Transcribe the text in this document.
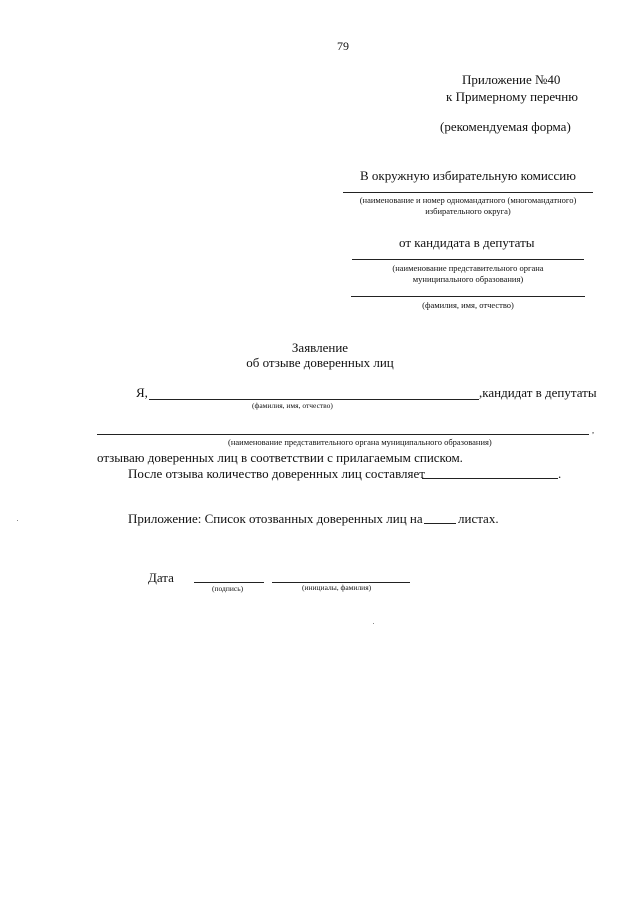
79
Приложение №40
к Примерному перечню
(рекомендуемая форма)
В окружную избирательную комиссию
(наименование и номер одномандатного (многомандатного)
избирательного округа)
от кандидата в депутаты
(наименование представительного органа
муниципального образования)
(фамилия, имя, отчество)
Заявление
об отзыве доверенных лиц
Я,	,кандидат в депутаты
(фамилия, имя, отчество)
,
(наименование представительного органа муниципального образования)
отзываю доверенных лиц в соответствии с прилагаемым списком.
После отзыва количество доверенных лиц составляет	.
Приложение: Список отозванных доверенных лиц на	листах.
Дата
(подпись)	(инициалы, фамилия)
